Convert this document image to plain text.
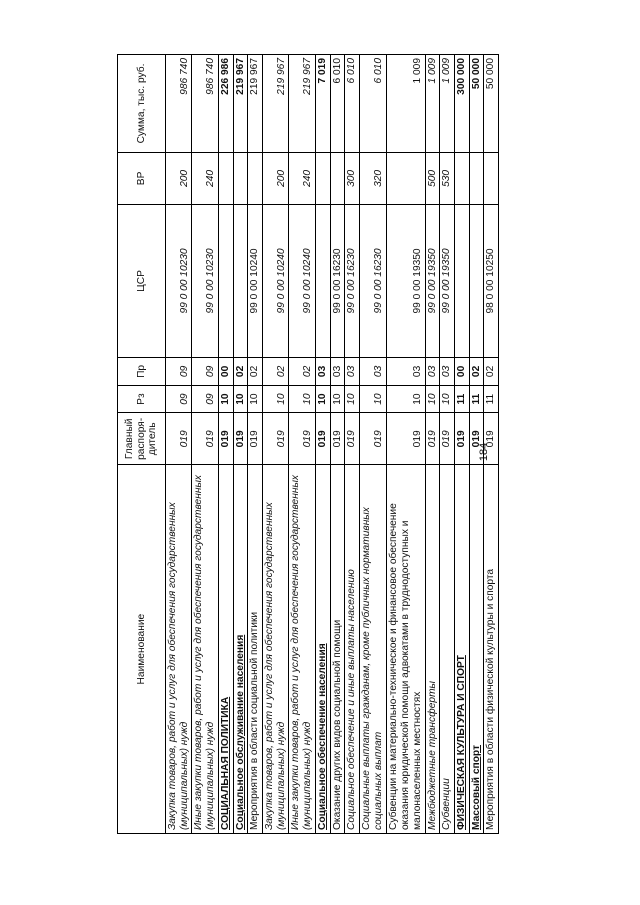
184
Наименование	Главный распоря-дитель	Рз	Пр	ЦСР	ВР	Сумма, тыс. руб.
Закупка товаров, работ и услуг для обеспечения государственных (муниципальных) нужд	019	09	09	99 0 00 10230	200	986 740
Иные закупки товаров, работ и услуг для обеспечения государственных (муниципальных) нужд	019	09	09	99 0 00 10230	240	986 740
СОЦИАЛЬНАЯ ПОЛИТИКА	019	10	00			226 986
Социальное обслуживание населения	019	10	02			219 967
Мероприятия в области социальной политики	019	10	02	99 0 00 10240		219 967
Закупка товаров, работ и услуг для обеспечения государственных (муниципальных) нужд	019	10	02	99 0 00 10240	200	219 967
Иные закупки товаров, работ и услуг для обеспечения государственных (муниципальных) нужд	019	10	02	99 0 00 10240	240	219 967
Социальное обеспечение населения	019	10	03			7 019
Оказание других видов социальной помощи	019	10	03	99 0 00 16230		6 010
Социальное обеспечение и иные выплаты населению	019	10	03	99 0 00 16230	300	6 010
Социальные выплаты гражданам, кроме публичных нормативных социальных выплат	019	10	03	99 0 00 16230	320	6 010
Субвенции на материально-техническое и финансовое обеспечение оказания юридической помощи адвокатами в труднодоступных и малонаселенных местностях	019	10	03	99 0 00 19350		1 009
Межбюджетные трансферты	019	10	03	99 0 00 19350	500	1 009
Субвенции	019	10	03	99 0 00 19350	530	1 009
ФИЗИЧЕСКАЯ КУЛЬТУРА И СПОРТ	019	11	00			300 000
Массовый спорт	019	11	02			50 000
Мероприятия в области физической культуры и спорта	019	11	02	98 0 00 10250		50 000
